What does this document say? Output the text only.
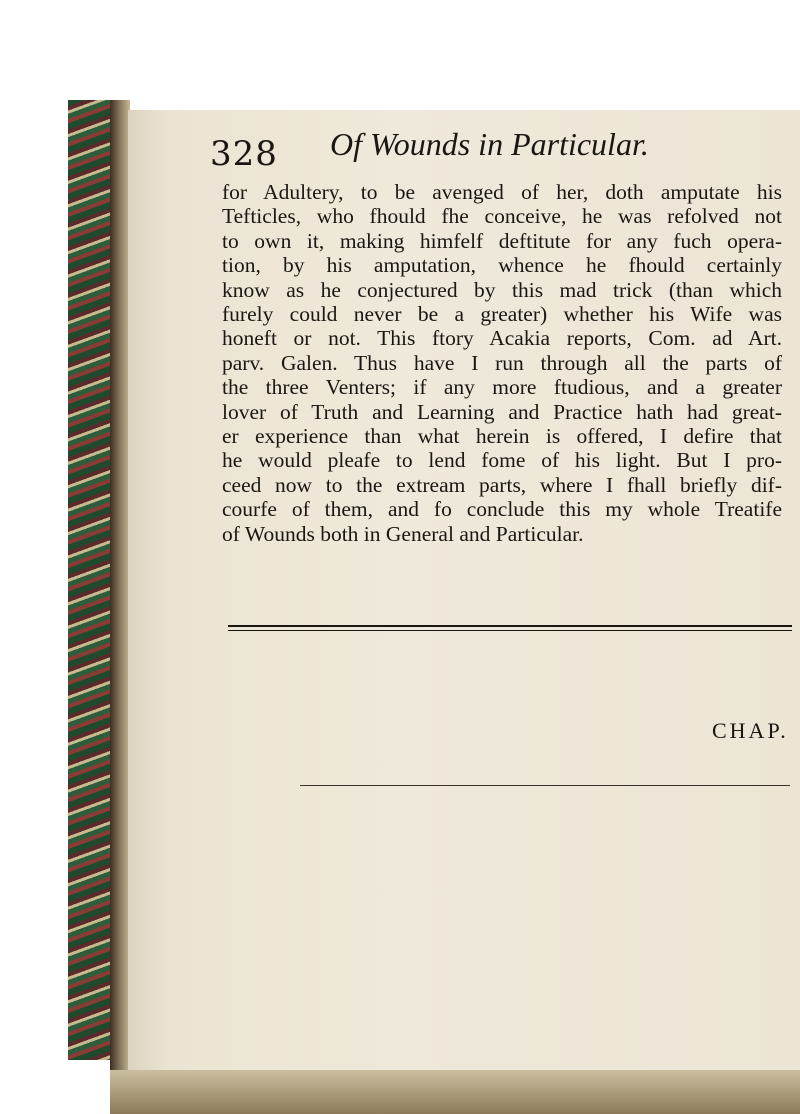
328 Of Wounds in Particular.
for Adultery, to be avenged of her, doth amputate his
Tefticles, who fhould fhe conceive, he was refolved not
to own it, making himfelf deftitute for any fuch opera-
tion, by his amputation, whence he fhould certainly
know as he conjectured by this mad trick (than which
furely could never be a greater) whether his Wife was
honeft or not. This ftory Acakia reports, Com. ad Art.
parv. Galen. Thus have I run through all the parts of
the three Venters; if any more ftudious, and a greater
lover of Truth and Learning and Practice hath had great-
er experience than what herein is offered, I defire that
he would pleafe to lend fome of his light. But I pro-
ceed now to the extream parts, where I fhall briefly dif-
courfe of them, and fo conclude this my whole Treatife
of Wounds both in General and Particular.
CHAP.
